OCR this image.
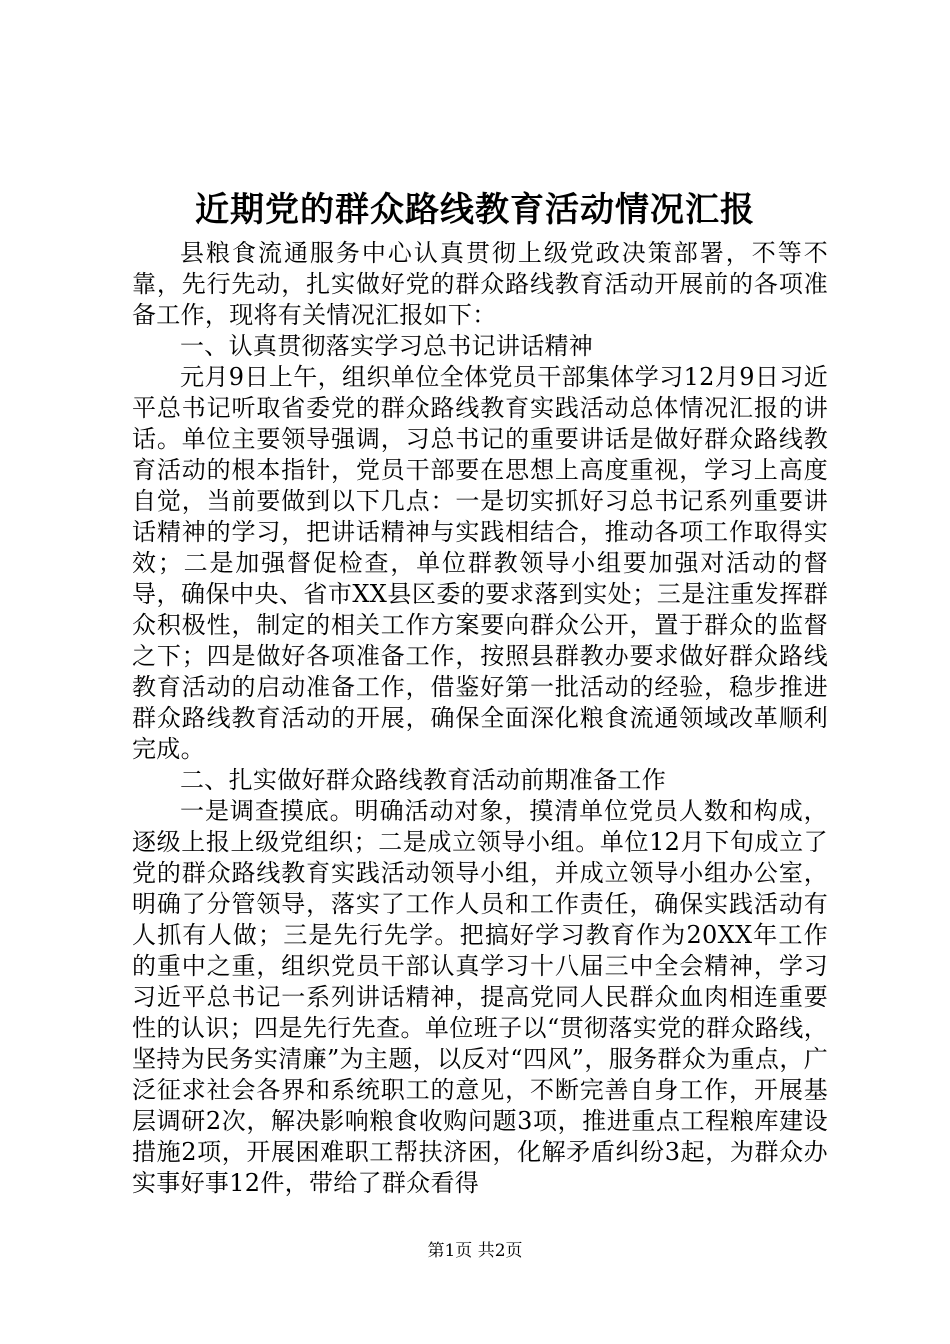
近期党的群众路线教育活动情况汇报

县粮食流通服务中心认真贯彻上级党政决策部署，不等不靠，先行先动，扎实做好党的群众路线教育活动开展前的各项准备工作，现将有关情况汇报如下：

一、认真贯彻落实学习总书记讲话精神

元月9日上午，组织单位全体党员干部集体学习12月9日习近平总书记听取省委党的群众路线教育实践活动总体情况汇报的讲话。单位主要领导强调，习总书记的重要讲话是做好群众路线教育活动的根本指针，党员干部要在思想上高度重视，学习上高度自觉，当前要做到以下几点：一是切实抓好习总书记系列重要讲话精神的学习，把讲话精神与实践相结合，推动各项工作取得实效；二是加强督促检查，单位群教领导小组要加强对活动的督导，确保中央、省市XX县区委的要求落到实处；三是注重发挥群众积极性，制定的相关工作方案要向群众公开，置于群众的监督之下；四是做好各项准备工作，按照县群教办要求做好群众路线教育活动的启动准备工作，借鉴好第一批活动的经验，稳步推进群众路线教育活动的开展，确保全面深化粮食流通领域改革顺利完成。

二、扎实做好群众路线教育活动前期准备工作

一是调查摸底。明确活动对象，摸清单位党员人数和构成，逐级上报上级党组织；二是成立领导小组。单位12月下旬成立了党的群众路线教育实践活动领导小组，并成立领导小组办公室，明确了分管领导，落实了工作人员和工作责任，确保实践活动有人抓有人做；三是先行先学。把搞好学习教育作为20XX年工作的重中之重，组织党员干部认真学习十八届三中全会精神，学习习近平总书记一系列讲话精神，提高党同人民群众血肉相连重要性的认识；四是先行先查。单位班子以“贯彻落实党的群众路线，坚持为民务实清廉”为主题，以反对“四风”，服务群众为重点，广泛征求社会各界和系统职工的意见，不断完善自身工作，开展基层调研2次，解决影响粮食收购问题3项，推进重点工程粮库建设措施2项，开展困难职工帮扶济困，化解矛盾纠纷3起，为群众办实事好事12件，带给了群众看得

第1页 共2页
